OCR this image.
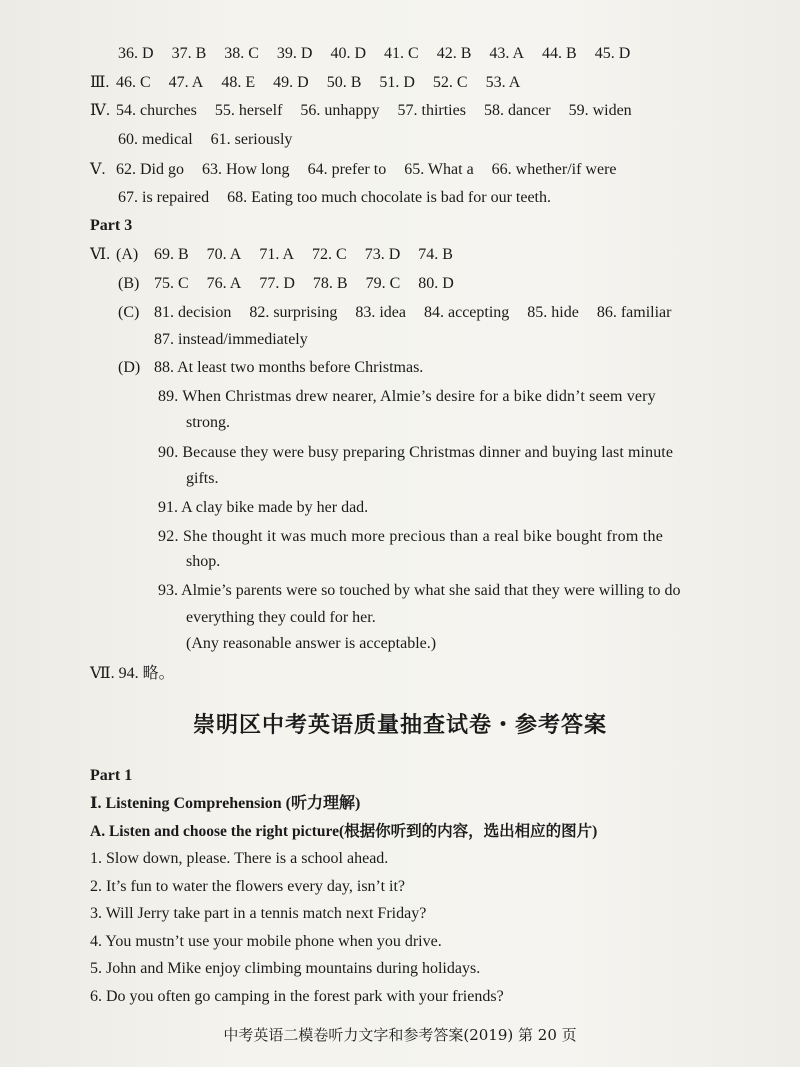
36. D 37. B 38. C 39. D 40. D 41. C 42. B 43. A 44. B 45. D
Ⅲ. 46. C 47. A 48. E 49. D 50. B 51. D 52. C 53. A
Ⅳ. 54. churches 55. herself 56. unhappy 57. thirties 58. dancer 59. widen
60. medical 61. seriously
Ⅴ. 62. Did go 63. How long 64. prefer to 65. What a 66. whether/if were
67. is repaired 68. Eating too much chocolate is bad for our teeth.
Part 3
Ⅵ. (A) 69. B 70. A 71. A 72. C 73. D 74. B
(B) 75. C 76. A 77. D 78. B 79. C 80. D
(C) 81. decision 82. surprising 83. idea 84. accepting 85. hide 86. familiar
87. instead/immediately
(D) 88. At least two months before Christmas.
89. When Christmas drew nearer, Almie’s desire for a bike didn’t seem very
strong.
90. Because they were busy preparing Christmas dinner and buying last minute
gifts.
91. A clay bike made by her dad.
92. She thought it was much more precious than a real bike bought from the
shop.
93. Almie’s parents were so touched by what she said that they were willing to do
everything they could for her.
(Any reasonable answer is acceptable.)
Ⅶ. 94. 略。
崇明区中考英语质量抽查试卷・参考答案
Part 1
Ⅰ. Listening Comprehension (听力理解)
A. Listen and choose the right picture(根据你听到的内容，选出相应的图片)
1. Slow down, please. There is a school ahead.
2. It’s fun to water the flowers every day, isn’t it?
3. Will Jerry take part in a tennis match next Friday?
4. You mustn’t use your mobile phone when you drive.
5. John and Mike enjoy climbing mountains during holidays.
6. Do you often go camping in the forest park with your friends?
中考英语二模卷听力文字和参考答案(2019) 第 20 页
